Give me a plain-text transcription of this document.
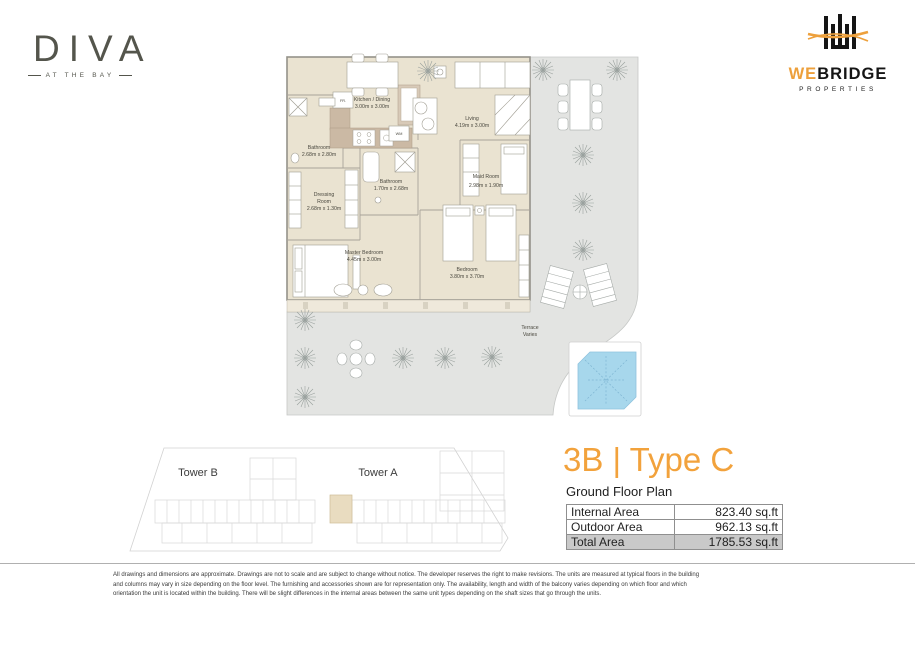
DIVA
AT THE BAY	WEBRIDGE
PROPERTIES
Kitchen / Dining
3.00m x 3.00m
Living
4.19m x 3.00m
Bathroom
2.68m x 2.80m
Bathroom
1.70m x 2.68m
Dressing
Room
2.68m x 1.30m
Master Bedroom
4.45m x 3.00m
Bedroom
3.80m x 3.70m
Maid Room
2.98m x 1.90m
Terrace
Varies
FR.
WM
Tower B	Tower A	3B | Type C
Ground Floor Plan
Internal Area	823.40 sq.ft
Outdoor Area	962.13 sq.ft
Total Area	1785.53 sq.ft
All drawings and dimensions are approximate. Drawings are not to scale and are subject to change without notice. The developer reserves the right to make revisions. The units are measured at typical floors in the building
and columns may vary in size depending on the floor level. The furnishing and accessories shown are for representation only. The availability, length and width of the balcony varies depending on which floor and which
orientation the unit is located within the building. There will be slight differences in the internal areas between the same unit types depending on the shaft sizes that go through the units.
